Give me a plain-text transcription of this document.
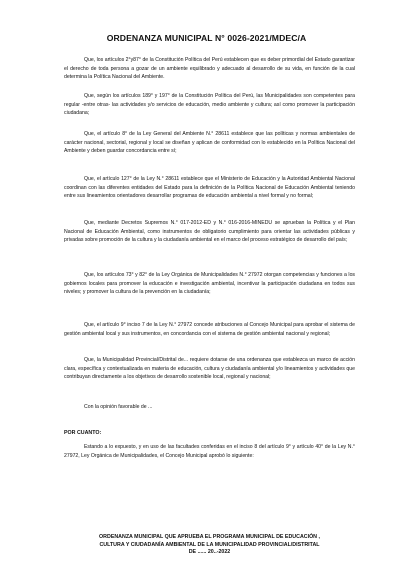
ORDENANZA MUNICIPAL N° 0026-2021/MDEC/A

Que, los artículos 2°y87° de la Constitución Política del Perú establecen que es deber primordial del Estado garantizar el derecho de toda persona a gozar de un ambiente equilibrado y adecuado al desarrollo de su vida, en función de la cual determina la Política Nacional del Ambiente.

Que, según los artículos 189° y 197° de la Constitución Política del Perú, las Municipalidades son competentes para regular -entre otras- las actividades y/o servicios de educación, medio ambiente y cultura; así como promover la participación ciudadana;

Que, el artículo 8° de la Ley General del Ambiente N.° 28611 establece que las políticas y normas ambientales de carácter nacional, sectorial, regional y local se diseñan y aplican de conformidad con lo establecido en la Política Nacional del Ambiente y deben guardar concordancia entre sí;

Que, el artículo 127° de la Ley N.° 28611 establece que el Ministerio de Educación y la Autoridad Ambiental Nacional coordinan con las diferentes entidades del Estado para la definición de la Política Nacional de Educación Ambiental teniendo entre sus lineamientos orientadores desarrollar programas de educación ambiental a nivel formal y no formal;

Que, mediante Decretos Supremos N.° 017-2012-ED y N.° 016-2016-MINEDU se aprueban la Política y el Plan Nacional de Educación Ambiental, como instrumentos de obligatorio cumplimiento para orientar las actividades públicas y privadas sobre promoción de la cultura y la ciudadanía ambiental en el marco del proceso estratégico de desarrollo del país;

Que, los artículos 73° y 82° de la Ley Orgánica de Municipalidades N.° 27972 otorgan competencias y funciones a los gobiernos locales para promover la educación e investigación ambiental, incentivar la participación ciudadana en todos sus niveles; y promover la cultura de la prevención en la ciudadanía;

Que, el artículo 9° inciso 7 de la Ley N.° 27972 concede atribuciones al Concejo Municipal para aprobar el sistema de gestión ambiental local y sus instrumentos, en concordancia con el sistema de gestión ambiental nacional y regional;

Que, la Municipalidad Provincial/Distrital de... requiere dotarse de una ordenanza que establezca un marco de acción clara, específica y contextualizada en materia de educación, cultura y ciudadanía ambiental y/o lineamientos y actividades que contribuyan directamente a los objetivos de desarrollo sostenible local, regional y nacional;

Con la opinión favorable de ...

POR CUANTO:

Estando a lo expuesto, y en uso de las facultades conferidas en el inciso 8 del artículo 9° y artículo 40° de la Ley N.° 27972, Ley Orgánica de Municipalidades, el Concejo Municipal aprobó lo siguiente:

ORDENANZA MUNICIPAL QUE APRUEBA EL PROGRAMA MUNICIPAL DE EDUCACIÓN ,
CULTURA Y CIUDADANÍA AMBIENTAL DE LA MUNICIPALIDAD PROVINCIAL/DISTRITAL
DE ...... 20..-2022
